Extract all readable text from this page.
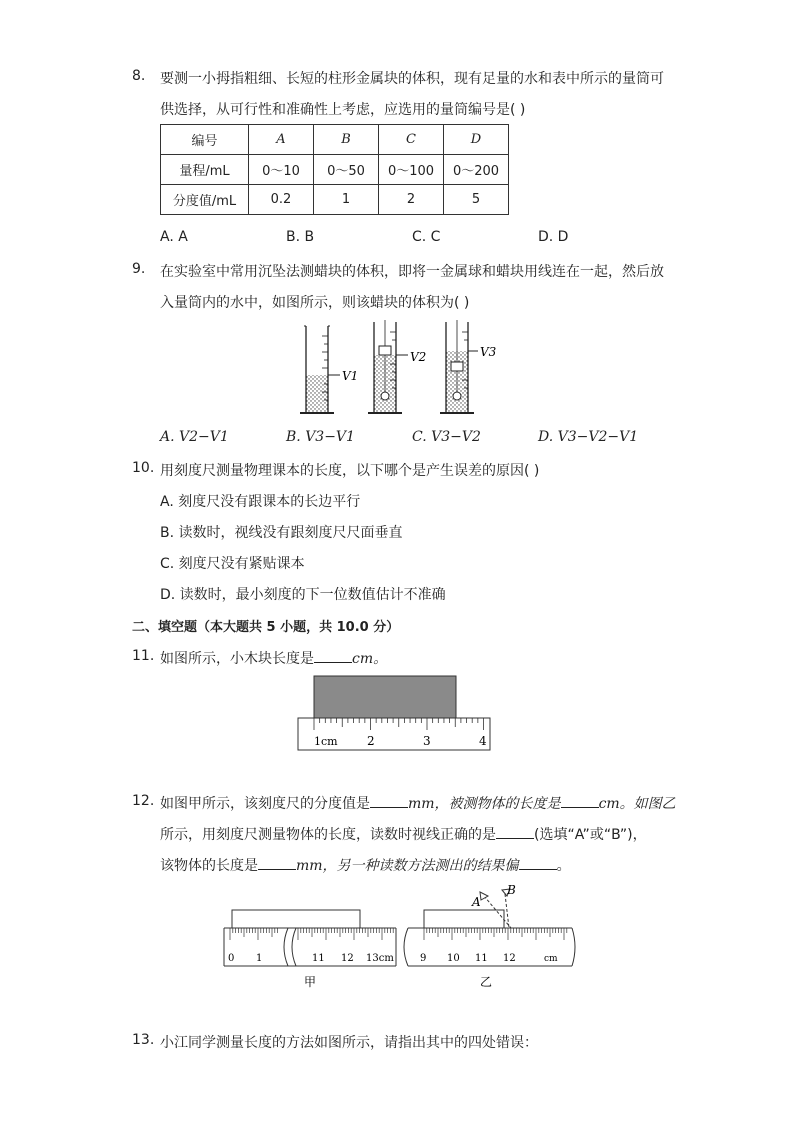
8. 要测一小拇指粗细、长短的柱形金属块的体积，现有足量的水和表中所示的量筒可
供选择，从可行性和准确性上考虑，应选用的量筒编号是( )
编号	A	B	C	D
量程/mL	0～10	0～50	0～100	0～200
分度值/mL	0.2	1	2	5
A. A	B. B	C. C	D. D
9. 在实验室中常用沉坠法测蜡块的体积，即将一金属球和蜡块用线连在一起，然后放
入量筒内的水中，如图所示，则该蜡块的体积为( )
V1
V2	V3
A. V2−V1	B. V3−V1	C. V3−V2	D. V3−V2−V1
10. 用刻度尺测量物理课本的长度，以下哪个是产生误差的原因( )
A. 刻度尺没有跟课本的长边平行
B. 读数时，视线没有跟刻度尺尺面垂直
C. 刻度尺没有紧贴课本
D. 读数时，最小刻度的下一位数值估计不准确
二、填空题（本大题共 5 小题，共 10.0 分）
11. 如图所示，小木块长度是	cm。
1cm 2	3	4
12. 如图甲所示，该刻度尺的分度值是	mm，被测物体的长度是	cm。如图乙
所示，用刻度尺测量物体的长度，读数时视线正确的是	(选填“A”或“B”)，
该物体的长度是	mm，另一种读数方法测出的结果偏	。
0 1	11 12 13cm
甲
9 10 11 12	cm
A
B
乙
13. 小江同学测量长度的方法如图所示，请指出其中的四处错误：
